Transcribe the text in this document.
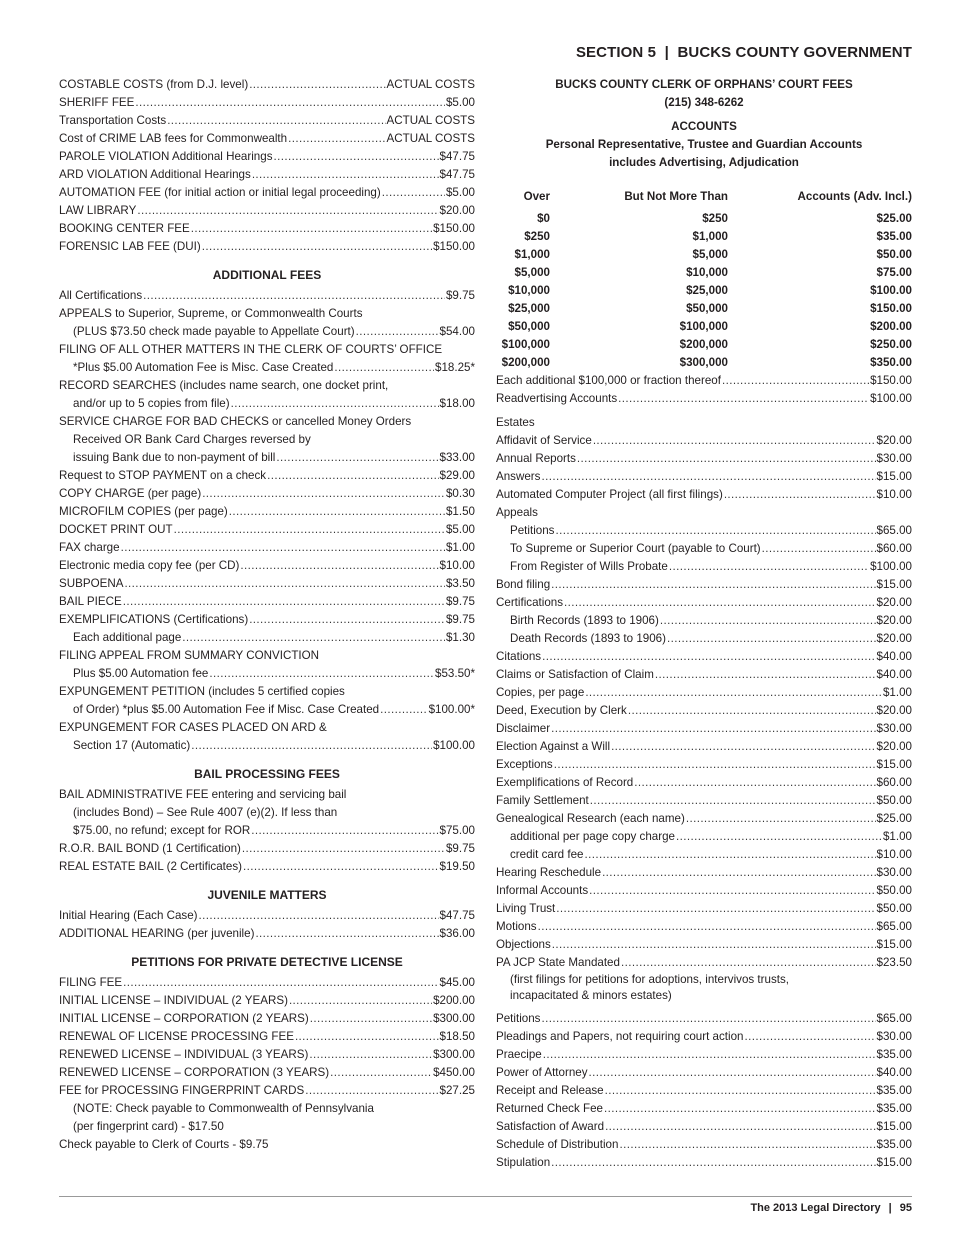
SECTION 5  |  BUCKS COUNTY GOVERNMENT
COSTABLE COSTS (from D.J. level) .....	ACTUAL COSTS
SHERIFF FEE .....	$5.00
Transportation Costs .....	ACTUAL COSTS
Cost of CRIME LAB fees for Commonwealth .....	ACTUAL COSTS
PAROLE VIOLATION Additional Hearings .....	$47.75
ARD VIOLATION Additional Hearings .....	$47.75
AUTOMATION FEE (for initial action or initial legal proceeding) .....	$5.00
LAW LIBRARY .....	$20.00
BOOKING CENTER FEE .....	$150.00
FORENSIC LAB FEE (DUI) .....	$150.00
ADDITIONAL FEES
All Certifications .....	$9.75
APPEALS to Superior, Supreme, or Commonwealth Courts
(PLUS $73.50 check made payable to Appellate Court) .....	$54.00
FILING OF ALL OTHER MATTERS IN THE CLERK OF COURTS’ OFFICE
*Plus $5.00 Automation Fee is Misc. Case Created .....	$18.25*
RECORD SEARCHES (includes name search, one docket print,
and/or up to 5 copies from file) .....	$18.00
SERVICE CHARGE FOR BAD CHECKS or cancelled Money Orders
Received OR Bank Card Charges reversed by
issuing Bank due to non-payment of bill .....	$33.00
Request to STOP PAYMENT on a check .....	$29.00
COPY CHARGE (per page) .....	$0.30
MICROFILM COPIES (per page) .....	$1.50
DOCKET PRINT OUT .....	$5.00
FAX charge .....	$1.00
Electronic media copy fee (per CD) .....	$10.00
SUBPOENA .....	$3.50
BAIL PIECE .....	$9.75
EXEMPLIFICATIONS (Certifications) .....	$9.75
Each additional page .....	$1.30
FILING APPEAL FROM SUMMARY CONVICTION
Plus $5.00 Automation fee .....	$53.50*
EXPUNGEMENT PETITION (includes 5 certified copies
of Order) *plus $5.00 Automation Fee if Misc. Case Created .....	$100.00*
EXPUNGEMENT FOR CASES PLACED ON ARD &
Section 17 (Automatic) .....	$100.00
BAIL PROCESSING FEES
BAIL ADMINISTRATIVE FEE entering and servicing bail
(includes Bond) – See Rule 4007 (e)(2). If less than
$75.00, no refund; except for ROR .....	$75.00
R.O.R. BAIL BOND (1 Certification) .....	$9.75
REAL ESTATE BAIL (2 Certificates) .....	$19.50
JUVENILE MATTERS
Initial Hearing (Each Case) .....	$47.75
ADDITIONAL HEARING (per juvenile) .....	$36.00
PETITIONS FOR PRIVATE DETECTIVE LICENSE
FILING FEE .....	$45.00
INITIAL LICENSE – INDIVIDUAL (2 YEARS) .....	$200.00
INITIAL LICENSE – CORPORATION (2 YEARS) .....	$300.00
RENEWAL OF LICENSE PROCESSING FEE .....	$18.50
RENEWED LICENSE – INDIVIDUAL (3 YEARS) .....	$300.00
RENEWED LICENSE – CORPORATION (3 YEARS) .....	$450.00
FEE for PROCESSING FINGERPRINT CARDS .....	$27.25
(NOTE: Check payable to Commonwealth of Pennsylvania
(per fingerprint card) - $17.50
Check payable to Clerk of Courts - $9.75
BUCKS COUNTY CLERK OF ORPHANS’ COURT FEES
(215) 348-6262
ACCOUNTS
Personal Representative, Trustee and Guardian Accounts
includes Advertising, Adjudication
Over	But Not More Than	Accounts (Adv. Incl.)
$0	$250	$25.00
$250	$1,000	$35.00
$1,000	$5,000	$50.00
$5,000	$10,000	$75.00
$10,000	$25,000	$100.00
$25,000	$50,000	$150.00
$50,000	$100,000	$200.00
$100,000	$200,000	$250.00
$200,000	$300,000	$350.00
Each additional $100,000 or fraction thereof .....	$150.00
Readvertising Accounts .....	$100.00
Estates
Affidavit of Service .....	$20.00
Annual Reports .....	$30.00
Answers .....	$15.00
Automated Computer Project (all first filings) .....	$10.00
Appeals
Petitions .....	$65.00
To Supreme or Superior Court (payable to Court) .....	$60.00
From Register of Wills Probate .....	$100.00
Bond filing .....	$15.00
Certifications .....	$20.00
Birth Records (1893 to 1906) .....	$20.00
Death Records (1893 to 1906) .....	$20.00
Citations .....	$40.00
Claims or Satisfaction of Claim .....	$40.00
Copies, per page .....	$1.00
Deed, Execution by Clerk .....	$20.00
Disclaimer .....	$30.00
Election Against a Will .....	$20.00
Exceptions .....	$15.00
Exemplifications of Record .....	$60.00
Family Settlement .....	$50.00
Genealogical Research (each name) .....	$25.00
additional per page copy charge .....	$1.00
credit card fee .....	$10.00
Hearing Reschedule .....	$30.00
Informal Accounts .....	$50.00
Living Trust .....	$50.00
Motions .....	$65.00
Objections .....	$15.00
PA JCP State Mandated .....	$23.50
(first filings for petitions for adoptions, intervivos trusts,
incapacitated & minors estates)
Petitions .....	$65.00
Pleadings and Papers, not requiring court action .....	$30.00
Praecipe .....	$35.00
Power of Attorney .....	$40.00
Receipt and Release .....	$35.00
Returned Check Fee .....	$35.00
Satisfaction of Award .....	$15.00
Schedule of Distribution .....	$35.00
Stipulation .....	$15.00
The 2013 Legal Directory | 95
